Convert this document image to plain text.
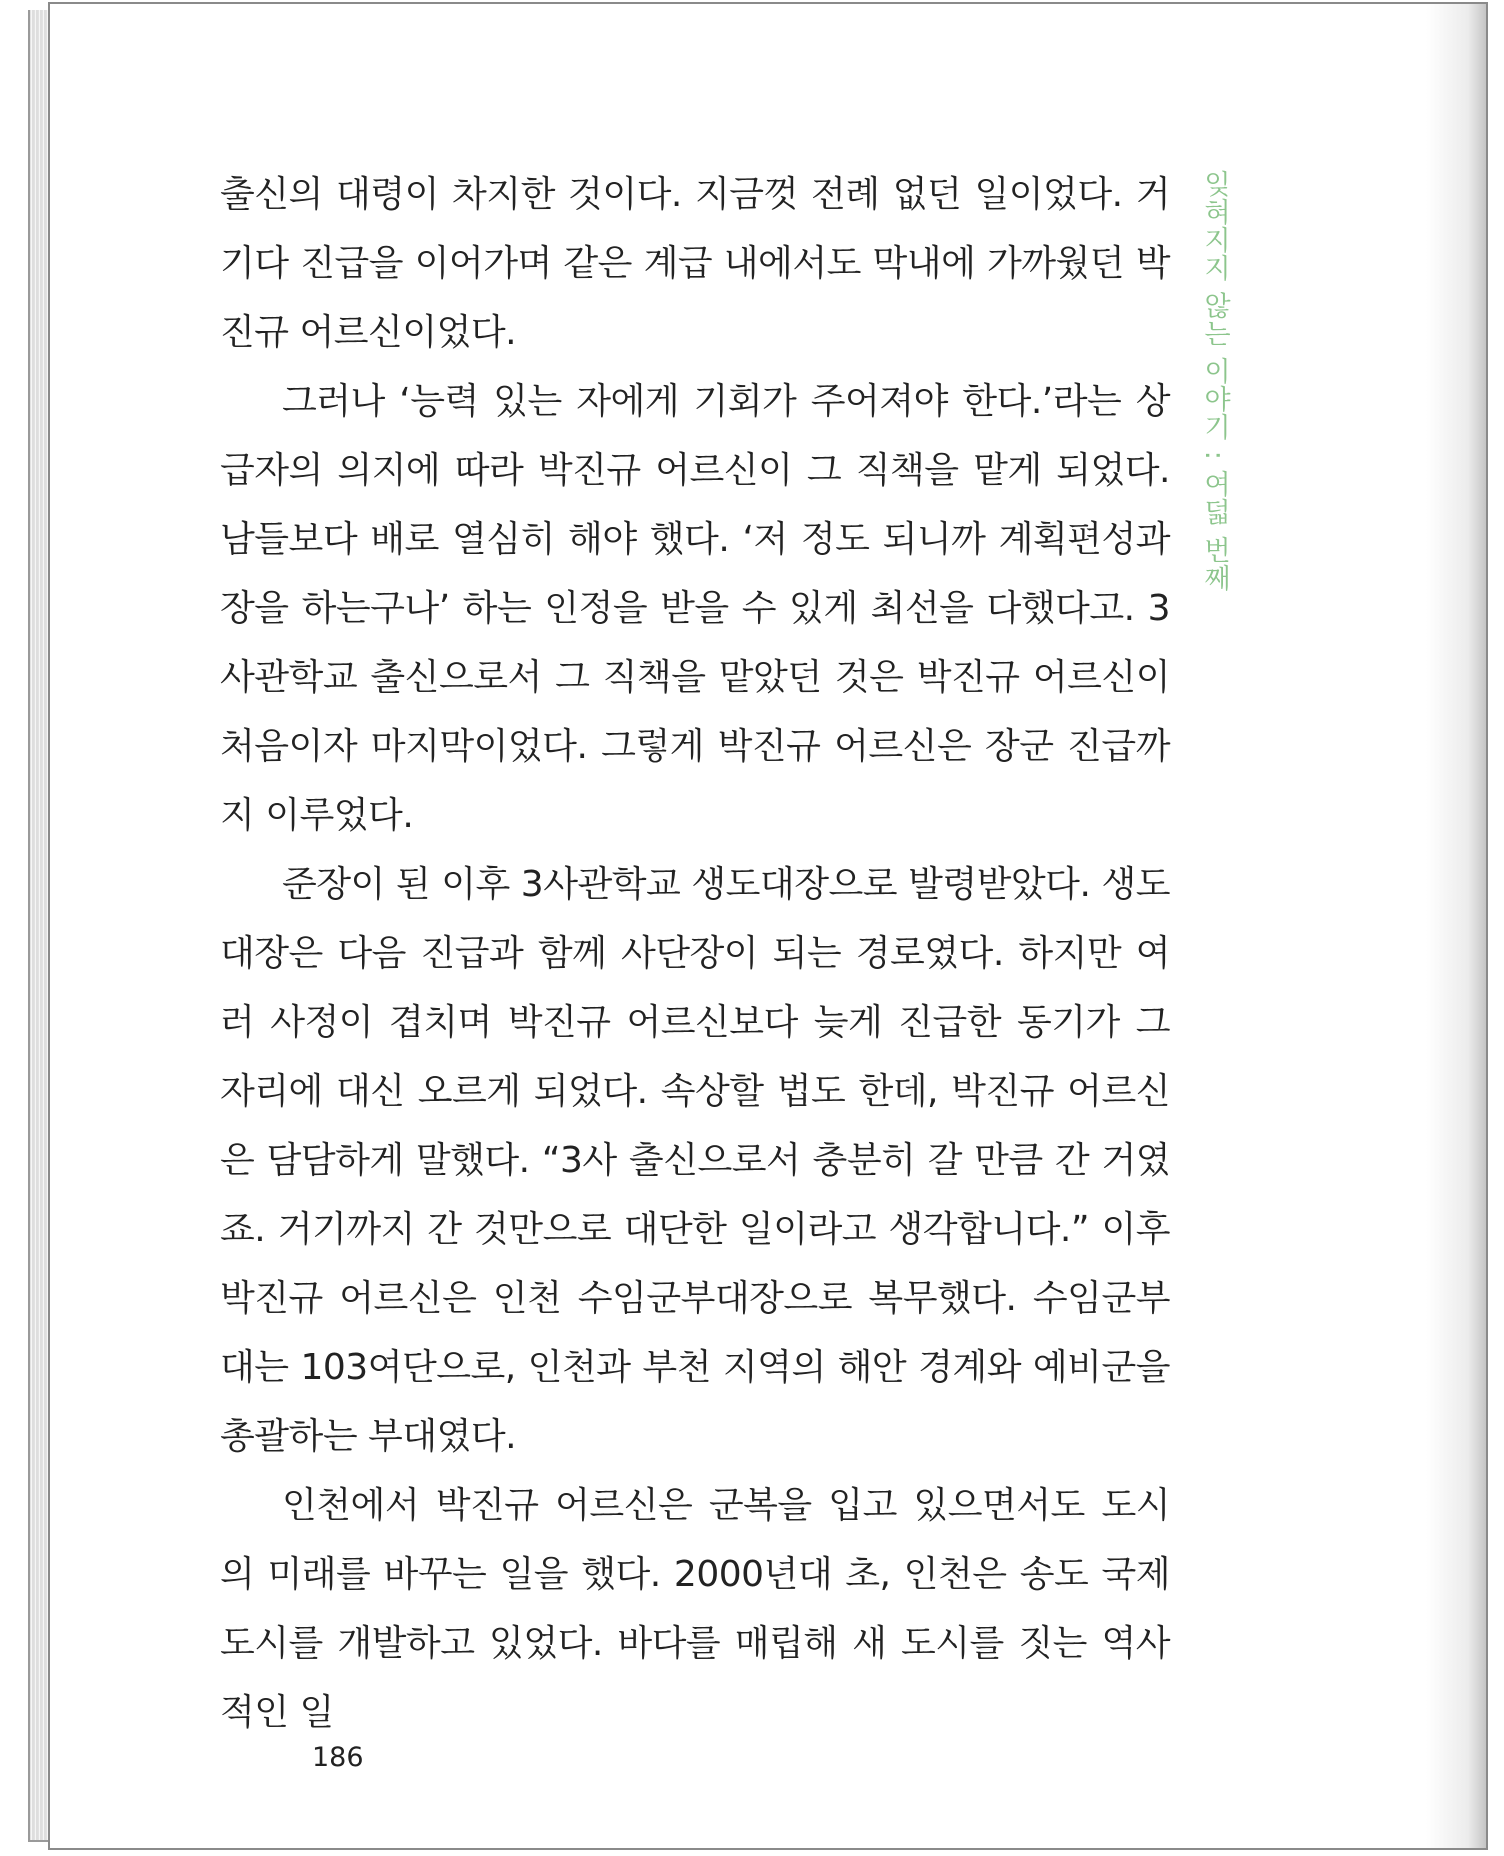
출신의 대령이 차지한 것이다. 지금껏 전례 없던 일이었다. 거기다 진급을 이어가며 같은 계급 내에서도 막내에 가까웠던 박진규 어르신이었다.
그러나 ‘능력 있는 자에게 기회가 주어져야 한다.’라는 상급자의 의지에 따라 박진규 어르신이 그 직책을 맡게 되었다. 남들보다 배로 열심히 해야 했다. ‘저 정도 되니까 계획편성과장을 하는구나’ 하는 인정을 받을 수 있게 최선을 다했다고. 3사관학교 출신으로서 그 직책을 맡았던 것은 박진규 어르신이 처음이자 마지막이었다. 그렇게 박진규 어르신은 장군 진급까지 이루었다.
준장이 된 이후 3사관학교 생도대장으로 발령받았다. 생도대장은 다음 진급과 함께 사단장이 되는 경로였다. 하지만 여러 사정이 겹치며 박진규 어르신보다 늦게 진급한 동기가 그 자리에 대신 오르게 되었다. 속상할 법도 한데, 박진규 어르신은 담담하게 말했다. “3사 출신으로서 충분히 갈 만큼 간 거였죠. 거기까지 간 것만으로 대단한 일이라고 생각합니다.” 이후 박진규 어르신은 인천 수임군부대장으로 복무했다. 수임군부대는 103여단으로, 인천과 부천 지역의 해안 경계와 예비군을 총괄하는 부대였다.
인천에서 박진규 어르신은 군복을 입고 있으면서도 도시의 미래를 바꾸는 일을 했다. 2000년대 초, 인천은 송도 국제도시를 개발하고 있었다. 바다를 매립해 새 도시를 짓는 역사적인 일
잊혀지지 않는 이야기 : 여덟 번째
186
